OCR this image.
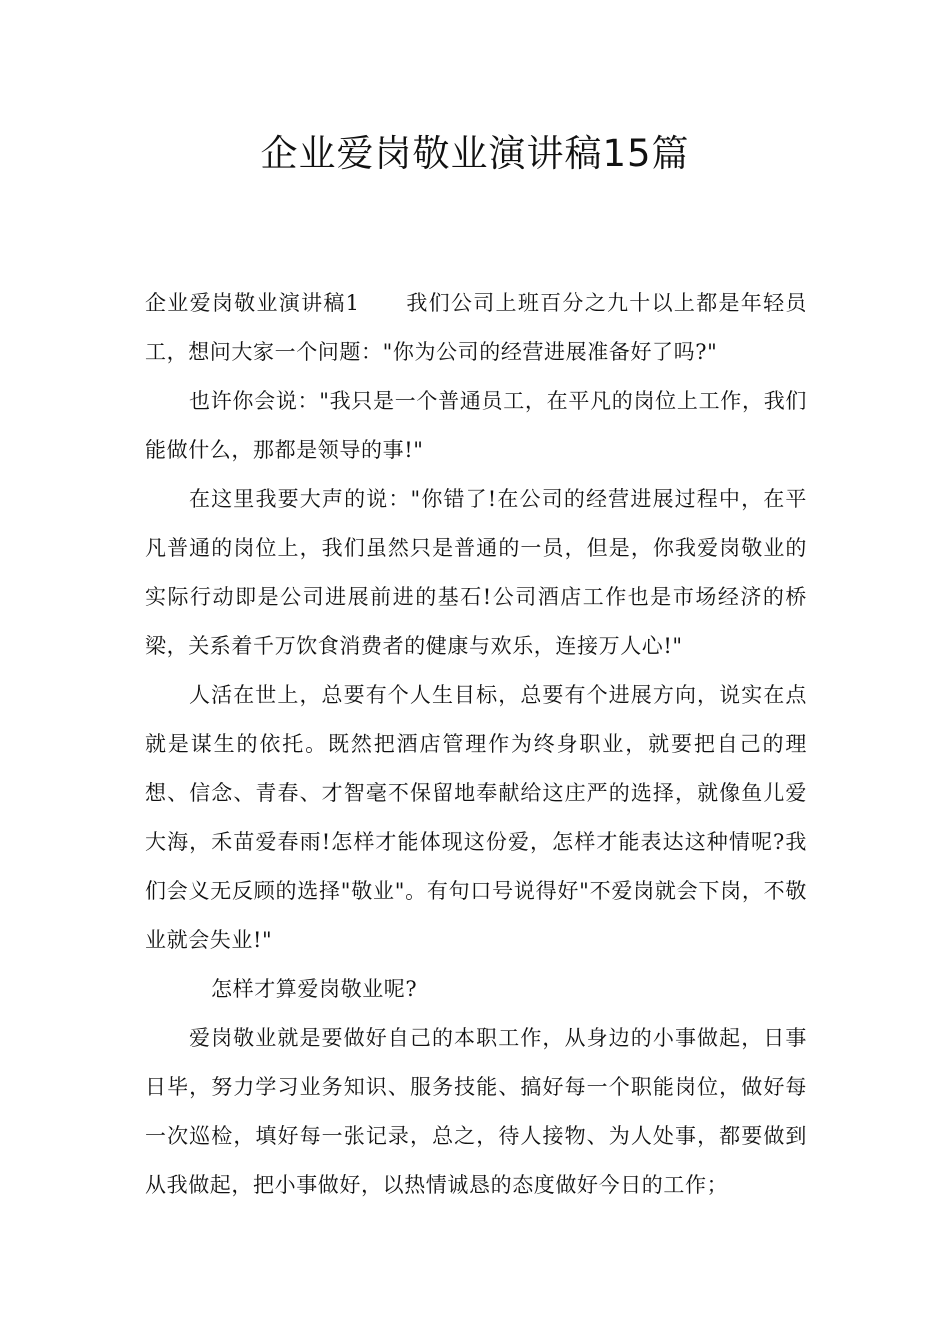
企业爱岗敬业演讲稿15篇

企业爱岗敬业演讲稿1 我们公司上班百分之九十以上都是年轻员工，想问大家一个问题："你为公司的经营进展准备好了吗?"

也许你会说："我只是一个普通员工，在平凡的岗位上工作，我们能做什么，那都是领导的事!"

在这里我要大声的说："你错了!在公司的经营进展过程中，在平凡普通的岗位上，我们虽然只是普通的一员，但是，你我爱岗敬业的实际行动即是公司进展前进的基石!公司酒店工作也是市场经济的桥梁，关系着千万饮食消费者的健康与欢乐，连接万人心!"

人活在世上，总要有个人生目标，总要有个进展方向，说实在点就是谋生的依托。既然把酒店管理作为终身职业，就要把自己的理想、信念、青春、才智毫不保留地奉献给这庄严的选择，就像鱼儿爱大海，禾苗爱春雨!怎样才能体现这份爱，怎样才能表达这种情呢?我们会义无反顾的选择"敬业"。有句口号说得好"不爱岗就会下岗，不敬业就会失业!"

怎样才算爱岗敬业呢?

爱岗敬业就是要做好自己的本职工作，从身边的小事做起，日事日毕，努力学习业务知识、服务技能、搞好每一个职能岗位，做好每一次巡检，填好每一张记录，总之，待人接物、为人处事，都要做到从我做起，把小事做好，以热情诚恳的态度做好今日的工作；
